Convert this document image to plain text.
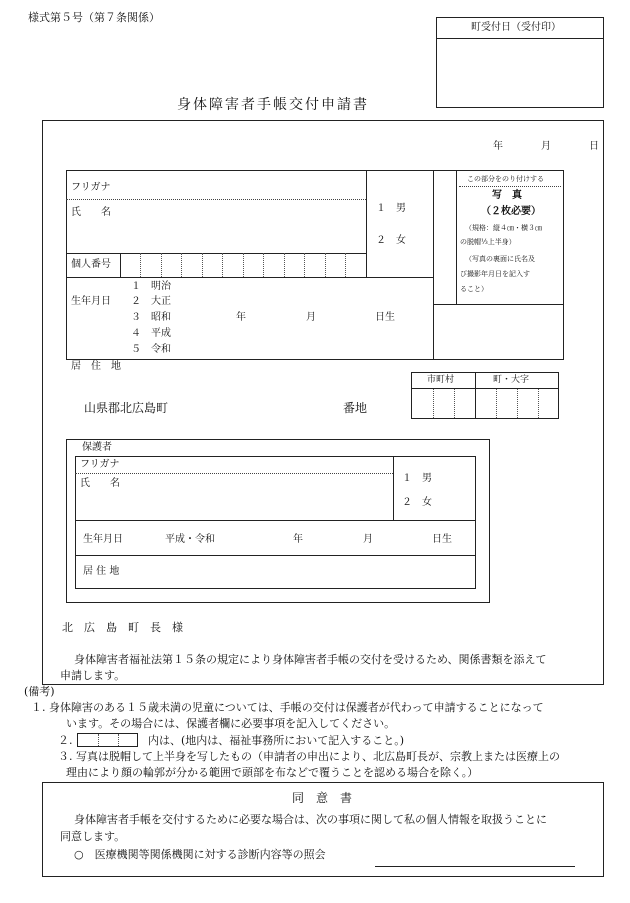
様式第５号（第７条関係）
町受付日（受付印）
身体障害者手帳交付申請書
年	月	日
フリガナ
氏　　名	１　男
２　女
個人番号
生年月日
１　明治
２　大正
３　昭和
４　平成
５　令和
年	月	日生
この部分をのり付けする
写　真
（２枚必要）
（規格：縦４㎝・横３㎝
の脱帽⅓上半身）
（写真の裏面に氏名及
び撮影年月日を記入す
ること）
居　住　地
山県郡北広島町	番地
市町村	町・大字
保護者
フリガナ
氏　　名	１　男
２　女
生年月日	平成・令和	年	月	日生
居 住 地
北　広　島　町　長　様
身体障害者福祉法第１５条の規定により身体障害者手帳の交付を受けるため、関係書類を添えて
申請します。
(備考)
１. 身体障害のある１５歳未満の児童については、手帳の交付は保護者が代わって申請することになって
います。その場合には、保護者欄に必要事項を記入してください。
２.	内は、(地内は、福祉事務所において記入すること。)
３. 写真は脱帽して上半身を写したもの（申請者の申出により、北広島町長が、宗教上または医療上の
理由により顔の輪郭が分かる範囲で頭部を布などで覆うことを認める場合を除く。）
同　意　書
身体障害者手帳を交付するために必要な場合は、次の事項に関して私の個人情報を取扱うことに
同意します。
○　医療機関等関係機関に対する診断内容等の照会
